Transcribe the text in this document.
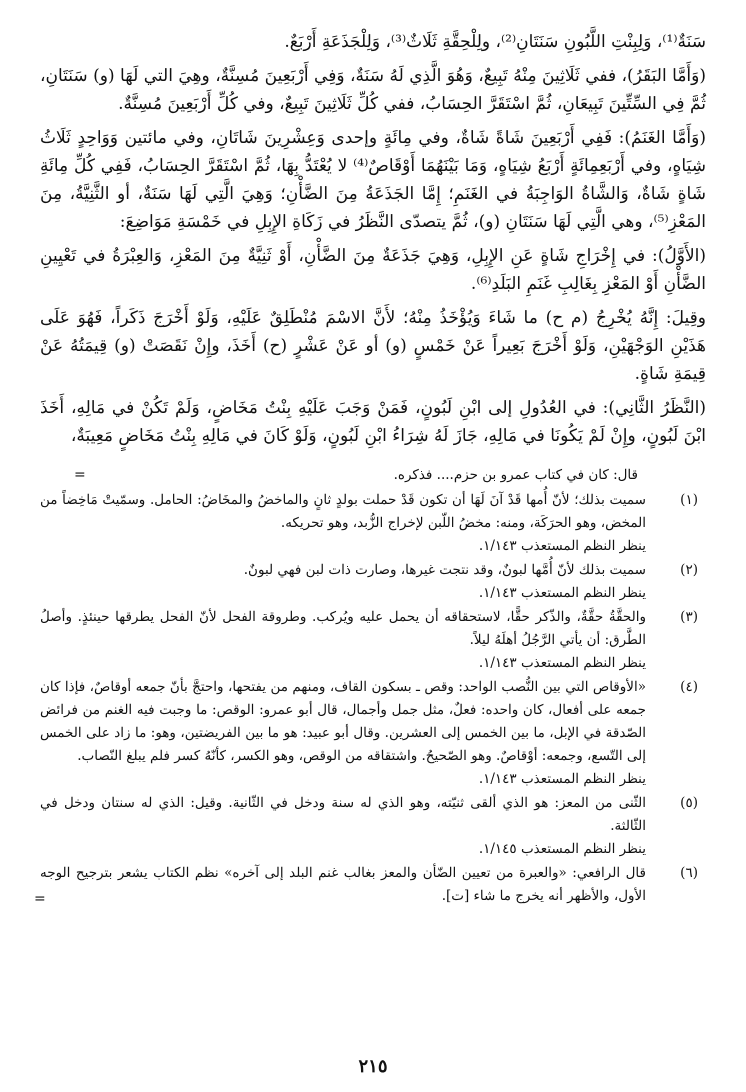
سَنَةٌ⁽¹⁾، وَلِبِنْتِ اللَّبُونِ سَنَتَانِ⁽²⁾، ولِلْحِقَّةِ ثَلَاثٌ⁽³⁾، وَلِلْجَذَعَةِ أَرْبَعٌ.

(وَأَمَّا البَقَرُ)، ففي ثَلَاثِينَ مِنْهُ تَبِيعٌ، وَهُوَ الَّذِي لَهُ سَنَةٌ، وَفِي أَرْبَعِينَ مُسِنَّةٌ، وهِيَ التي لَهَا (و) سَنَتَانِ، ثُمَّ فِي السِّتِّينَ تَبِيعَانِ، ثُمَّ اسْتَقَرَّ الحِسَابُ، ففي كُلِّ ثَلَاثِينَ تَبِيعٌ، وفي كُلِّ أَرْبَعِينَ مُسِنَّةٌ.

(وَأَمَّا الغَنَمُ): فَفِي أَرْبَعِينَ شَاةً شَاةٌ، وفي مِائَةٍ وإحدى وَعِشْرِينَ شَاتَانِ، وفي مائتين وَوَاحِدٍ ثَلَاثُ شِيَاهٍ، وفي أَرْبَعِمِائَةٍ أَرْبَعُ شِيَاهٍ، وَمَا بَيْنَهُمَا أَوْقَاصٌ⁽⁴⁾ لا يُعْتَدُّ بِهَا، ثُمَّ اسْتَقَرَّ الحِسَابُ، فَفِي كُلِّ مِائَةِ شَاةٍ شَاةٌ، وَالشَّاةُ الوَاجِبَةُ في الغَنَمِ؛ إِمَّا الجَذَعَةُ مِنَ الضَّأْنِ؛ وَهِيَ الَّتِي لَهَا سَنَةٌ، أو الثَّنِيَّةُ، مِنَ المَعْزِ⁽⁵⁾، وهي الَّتِي لَهَا سَنَتَانِ (و)، ثُمَّ يتصدّى النَّظَرُ في زَكَاةِ الإِبِلِ في خَمْسَةِ مَوَاضِعَ:

(الأَوَّلُ): في إِخْرَاجِ شَاةٍ عَنِ الإِبِلِ، وَهِيَ جَذَعَةٌ مِنَ الضَّأْنِ، أَوْ ثَنِيَّةٌ مِنَ المَعْزِ، وَالعِبْرَةُ في تَعْيِينِ الضَّأْنِ أَوْ المَعْزِ بِغَالِبِ غَنَمِ البَلَدِ⁽⁶⁾.

وقِيلَ: إِنَّهُ يُخْرِجُ (م ح) ما شَاءَ وَيُؤْخَذُ مِنْهُ؛ لأَنَّ الاسْمَ مُنْطَلِقٌ عَلَيْهِ، وَلَوْ أَخْرَجَ ذَكَراً، فَهُوَ عَلَى هَذَيْنِ الوَجْهَيْنِ، وَلَوْ أَخْرَجَ بَعِيراً عَنْ خَمْسٍ (و) أو عَنْ عَشْرٍ (ح) أَخَذَ، وإِنْ نَقَصَتْ (و) قِيمَتُهُ عَنْ قِيمَةِ شَاةٍ.

(النَّظَرُ الثَّانِي): في العُدُولِ إلى ابْنِ لَبُونٍ، فَمَنْ وَجَبَ عَلَيْهِ بِنْتُ مَخَاضٍ، وَلَمْ تَكُنْ في مَالِهِ، أَخَذَ ابْنَ لَبُونٍ، وإِنْ لَمْ يَكُونَا في مَالِهِ، جَازَ لَهُ شِرَاءُ ابْنِ لَبُونٍ، وَلَوْ كَانَ في مَالِهِ بِنْتُ مَخَاضٍ مَعِيبَةٌ،

=	قال: كان في كتاب عمرو بن حزم.... فذكره.

(١)
سميت بذلك؛ لأنّ أُمها قَدْ آنَ لَهَا أن تكون قَدْ حملت بولدٍ ثانٍ والماخضُ والمخَاضُ: الحامل. وسمّيتْ مَاخِضاً من المخض، وهو الحرَكَة، ومنه: مخضُ اللّبن لإخراج الزُّبد، وهو تحريكه.
ينظر النظم المستعذب ١/١٤٣.
(٢)
سميت بذلك لأنّ أُمَّها لبونٌ، وقد نتجت غيرها، وصارت ذات لبن فهي لبونٌ.
ينظر النظم المستعذب ١/١٤٣.
(٣)
والحقَّةُ حقَّةٌ، والذّكر حقًّا، لاستحقاقه أن يحمل عليه ويُركب. وطروقة الفحل لأنّ الفحل يطرقها حينئذٍ. وأصلُ الطَّرق: أن يأتي الرَّجُلُ أهلَهُ ليلاً.
ينظر النظم المستعذب ١/١٤٣.
(٤)
«الأوقاص التي بين النُّصب الواحد: وقص ـ بسكون القاف، ومنهم من يفتحها، واحتجَّ بأنّ جمعه أوقاصٌ، فإذا كان جمعه على أفعال، كان واحده: فعلٌ، مثل جمل وأجمال، قال أبو عمرو: الوقص: ما وجبت فيه الغنم من فرائض الصّدقة في الإبل، ما بين الخمس إلى العشرين. وقال أبو عبيد: هو ما بين الفريضتين، وهو: ما زاد على الخمس إلى التّسع، وجمعه: أوْقاصٌ. وهو الصّحيحُ. واشتقاقه من الوقص، وهو الكسر، كأنّهُ كسر فلم يبلغ النّصاب.
ينظر النظم المستعذب ١/١٤٣.
(٥)
الثّنى من المعز: هو الذي ألقى ثنيّته، وهو الذي له سنة ودخل في الثّانية. وقيل: الذي له سنتان ودخل في الثّالثة.
ينظر النظم المستعذب ١/١٤٥.
(٦)
قال الرافعي: «والعبرة من تعيين الضّأن والمعز بغالب غنم البلد إلى آخره» نظم الكتاب يشعر بترجيح الوجه الأول، والأظهر أنه يخرج ما شاء [ت].
=
٢١٥
